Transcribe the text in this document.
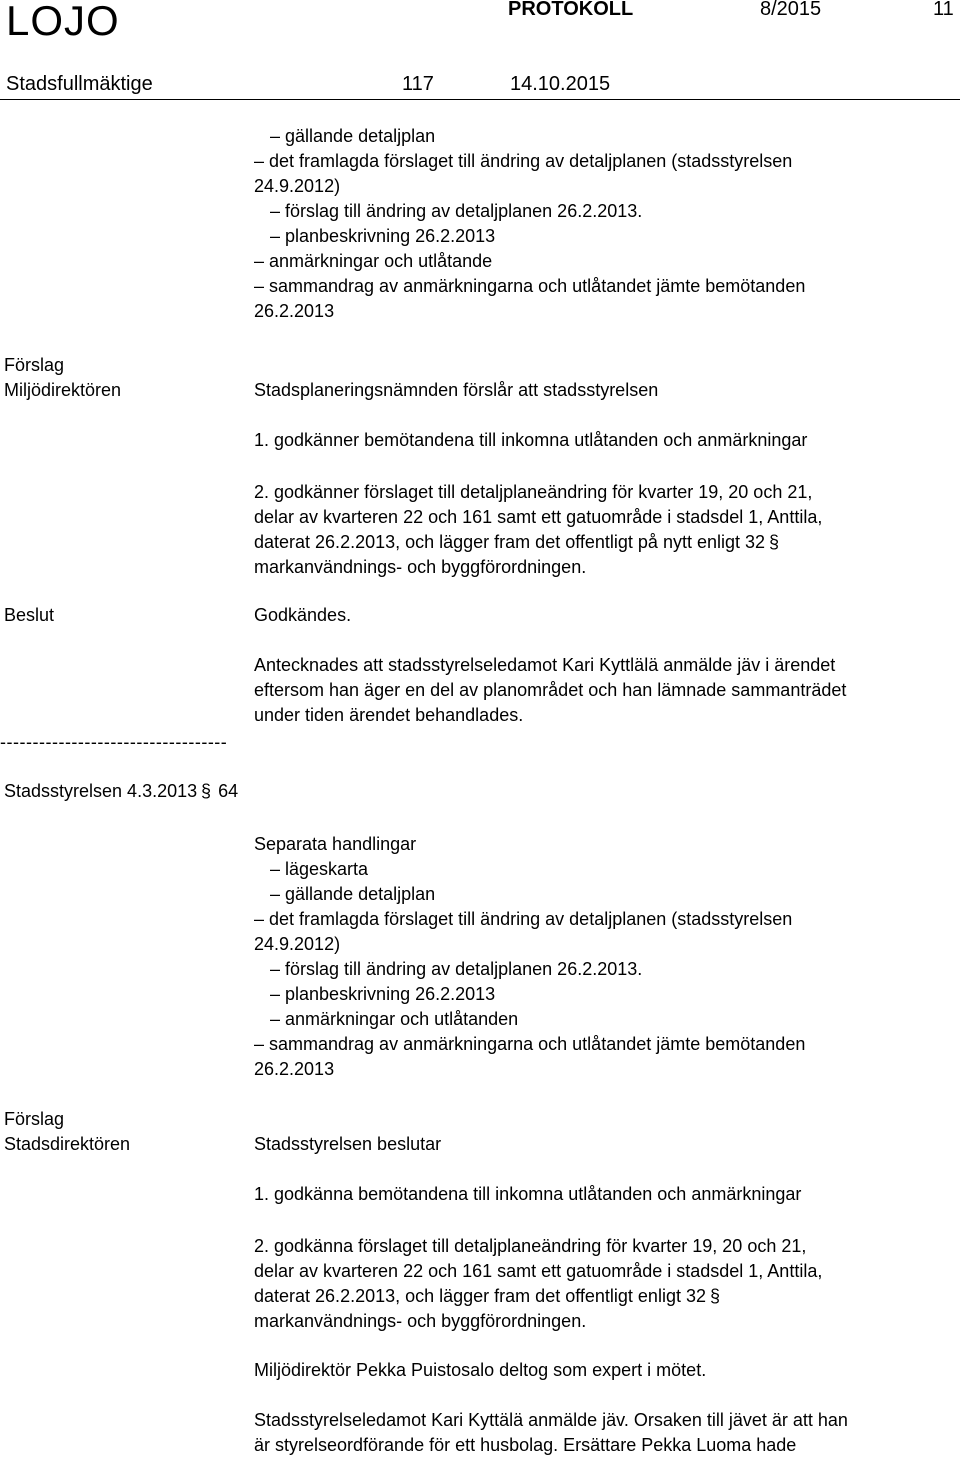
LOJO	PROTOKOLL	8/2015	11
Stadsfullmäktige	117	14.10.2015
– gällande detaljplan
– det framlagda förslaget till ändring av detaljplanen (stadsstyrelsen
24.9.2012)
– förslag till ändring av detaljplanen 26.2.2013.
– planbeskrivning 26.2.2013
– anmärkningar och utlåtande
– sammandrag av anmärkningarna och utlåtandet jämte bemötanden
26.2.2013
Förslag
Miljödirektören	Stadsplaneringsnämnden förslår att stadsstyrelsen
1. godkänner bemötandena till inkomna utlåtanden och anmärkningar
2. godkänner förslaget till detaljplaneändring för kvarter 19, 20 och 21,
delar av kvarteren 22 och 161 samt ett gatuområde i stadsdel 1, Anttila,
daterat 26.2.2013, och lägger fram det offentligt på nytt enligt 32 §
markanvändnings- och byggförordningen.
Beslut	Godkändes.
Antecknades att stadsstyrelseledamot Kari Kyttlälä anmälde jäv i ärendet
eftersom han äger en del av planområdet och han lämnade sammanträdet
under tiden ärendet behandlades.
-----------------------------------
Stadsstyrelsen 4.3.2013 § 64
Separata handlingar
– lägeskarta
– gällande detaljplan
– det framlagda förslaget till ändring av detaljplanen (stadsstyrelsen
24.9.2012)
– förslag till ändring av detaljplanen 26.2.2013.
– planbeskrivning 26.2.2013
– anmärkningar och utlåtanden
– sammandrag av anmärkningarna och utlåtandet jämte bemötanden
26.2.2013
Förslag
Stadsdirektören	Stadsstyrelsen beslutar
1. godkänna bemötandena till inkomna utlåtanden och anmärkningar
2. godkänna förslaget till detaljplaneändring för kvarter 19, 20 och 21,
delar av kvarteren 22 och 161 samt ett gatuområde i stadsdel 1, Anttila,
daterat 26.2.2013, och lägger fram det offentligt enligt 32 §
markanvändnings- och byggförordningen.
Miljödirektör Pekka Puistosalo deltog som expert i mötet.
Stadsstyrelseledamot Kari Kyttälä anmälde jäv. Orsaken till jävet är att han
är styrelseordförande för ett husbolag. Ersättare Pekka Luoma hade
